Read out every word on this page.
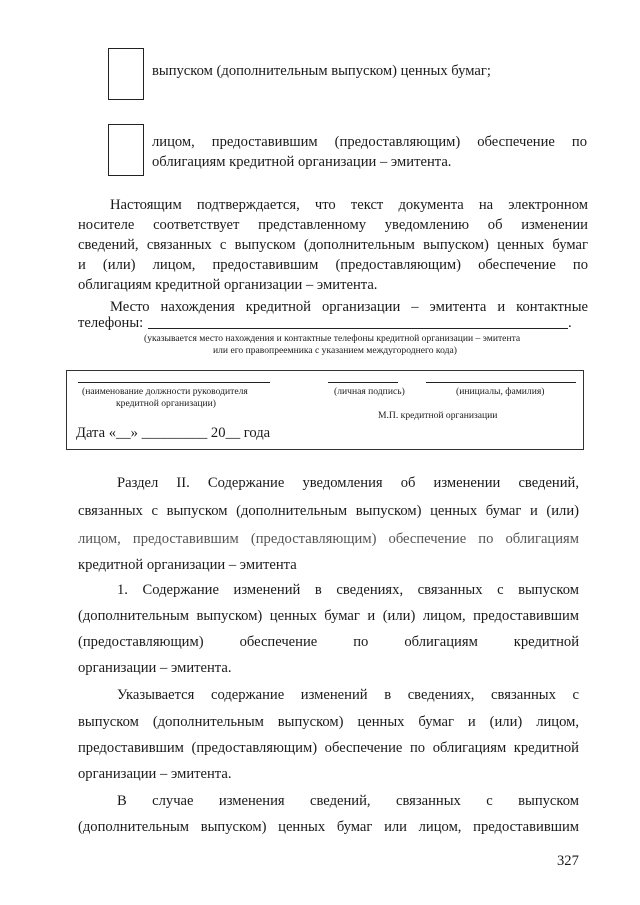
выпуском (дополнительным выпуском) ценных бумаг;
лицом, предоставившим (предоставляющим) обеспечение по
облигациям кредитной организации – эмитента.
Настоящим подтверждается, что текст документа на электронном
носителе соответствует представленному уведомлению об изменении
сведений, связанных с выпуском (дополнительным выпуском) ценных бумаг
и (или) лицом, предоставившим (предоставляющим) обеспечение по
облигациям кредитной организации – эмитента.
Место нахождения кредитной организации – эмитента и контактные
телефоны:	.
(указывается место нахождения и контактные телефоны кредитной организации – эмитента
или его правопреемника с указанием междугороднего кода)
(наименование должности руководителя
кредитной организации)
(личная подпись)	(инициалы, фамилия)
М.П. кредитной организации
Дата «__» _________ 20__ года
Раздел II. Содержание уведомления об изменении сведений,
связанных с выпуском (дополнительным выпуском) ценных бумаг и (или)
лицом, предоставившим (предоставляющим) обеспечение по облигациям
кредитной организации – эмитента
1. Содержание изменений в сведениях, связанных с выпуском
(дополнительным выпуском) ценных бумаг и (или) лицом, предоставившим
(предоставляющим) обеспечение по облигациям кредитной
организации – эмитента.
Указывается содержание изменений в сведениях, связанных с
выпуском (дополнительным выпуском) ценных бумаг и (или) лицом,
предоставившим (предоставляющим) обеспечение по облигациям кредитной
организации – эмитента.
В случае изменения сведений, связанных с выпуском
(дополнительным выпуском) ценных бумаг или лицом, предоставившим
327
